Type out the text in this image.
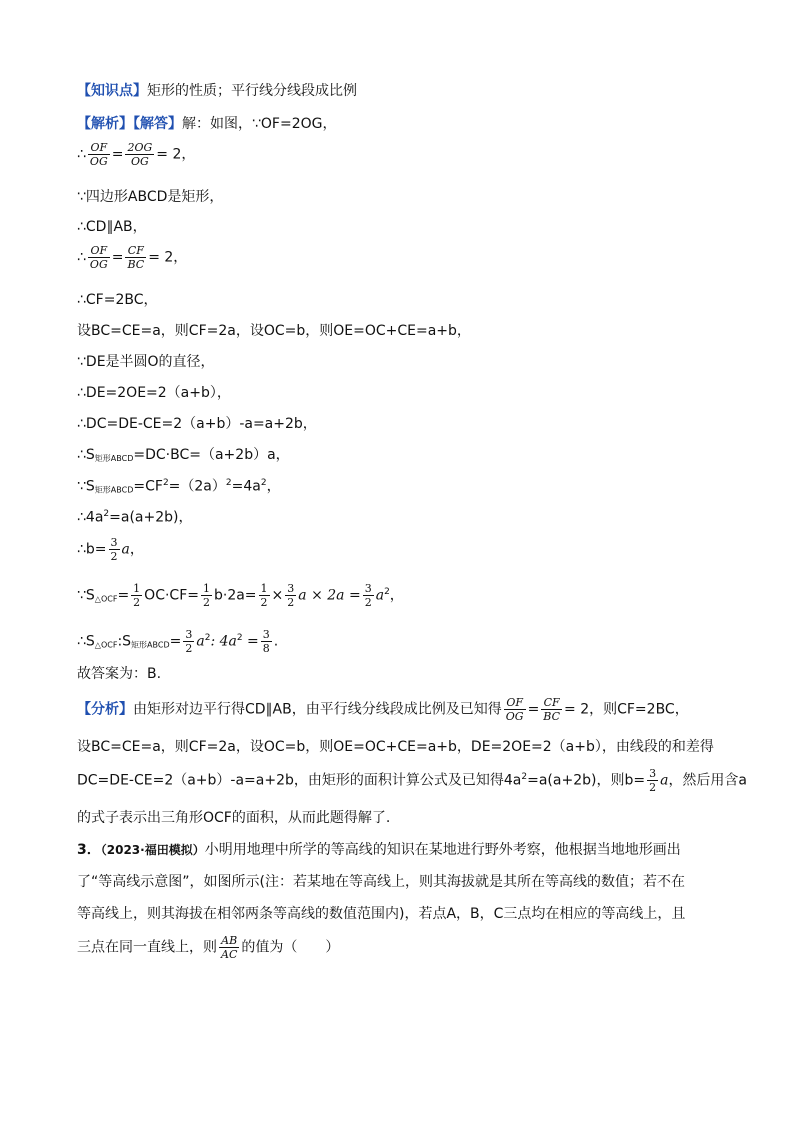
【知识点】矩形的性质；平行线分线段成比例
【解析】【解答】解：如图，∵OF=2OG，
∴ $\frac{OF}{OG} = \frac{2OG}{OG} = 2$，
∵四边形ABCD是矩形，
∴CD∥AB，
∴ $\frac{OF}{OG} = \frac{CF}{BC} = 2$，
∴CF=2BC，
设BC=CE=a，则CF=2a，设OC=b，则OE=OC+CE=a+b，
∵DE是半圆O的直径，
∴DE=2OE=2（a+b），
∴DC=DE-CE=2（a+b）-a=a+2b，
$\therefore S_{矩形ABCD}=DC\cdot BC=(a+2b)a$，
$\because S_{矩形ABCD}=CF^2=(2a)^2=4a^2$，
$\therefore 4a^2=a(a+2b)$，
∴b= $\frac{3}{2}$ a，
$\because S_{\triangle OCF}= \frac{1}{2} OC\cdot CF= \frac{1}{2} b\cdot 2a= \frac{1}{2} \times \frac{3}{2}$ $a \times 2a = \frac{3}{2} a^2$，
$\therefore S_{\triangle OCF}:S_{矩形ABCD}= \frac{3}{2} a^2$: $4a^2 = \frac{3}{8}$ .
故答案为：B.
【分析】由矩形对边平行得CD∥AB，由平行线分线段成比例及已知得 $\frac{OF}{OG} = \frac{CF}{BC} = 2$，则CF=2BC，
设BC=CE=a，则CF=2a，设OC=b，则OE=OC+CE=a+b，DE=2OE=2（a+b），由线段的和差得
DC=DE-CE=2（a+b）-a=a+2b，由矩形的面积计算公式及已知得$4a^2=a(a+2b)$，则$b= \frac{3}{2}$ a，然后用含a
的式子表示出三角形OCF的面积，从而此题得解了.
3．（2023·福田模拟）小明用地理中所学的等高线的知识在某地进行野外考察，他根据当地地形画出
了“等高线示意图”，如图所示(注：若某地在等高线上，则其海拔就是其所在等高线的数值；若不在
等高线上，则其海拔在相邻两条等高线的数值范围内)，若点A，B，C三点均在相应的等高线上，且
三点在同一直线上，则 $\frac{AB}{AC}$ 的值为（　　）
